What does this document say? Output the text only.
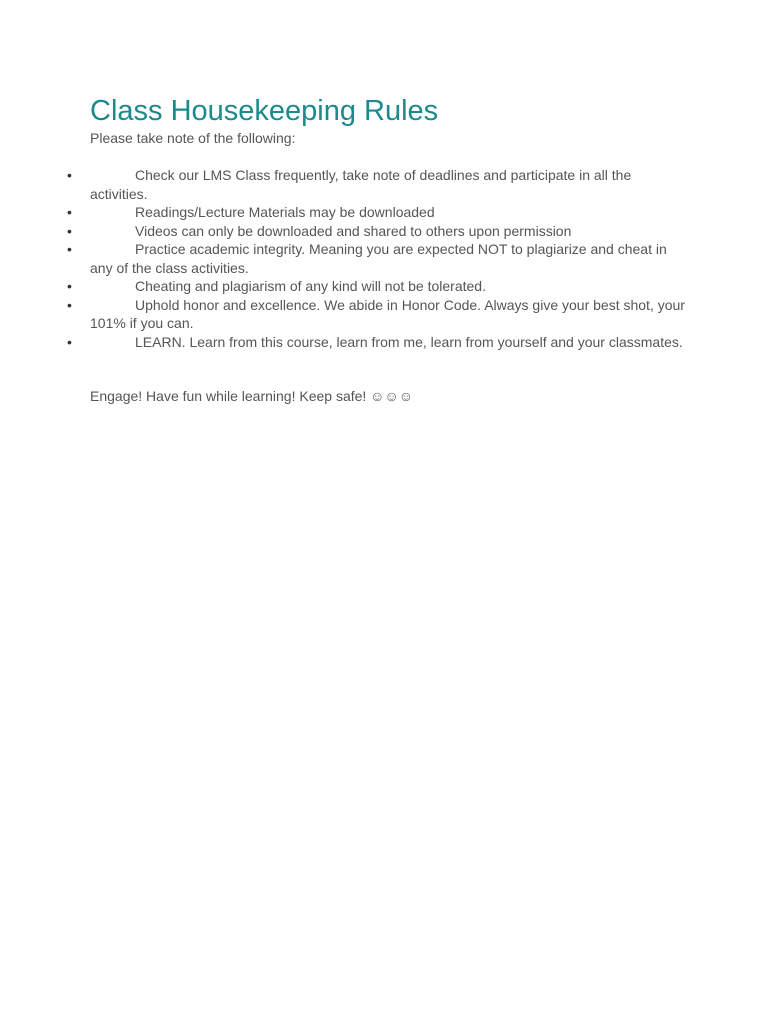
Class Housekeeping Rules

Please take note of the following:

•	Check our LMS Class frequently, take note of deadlines and participate in all the activities.
•	Readings/Lecture Materials may be downloaded
•	Videos can only be downloaded and shared to others upon permission
•	Practice academic integrity. Meaning you are expected NOT to plagiarize and cheat in any of the class activities.
•	Cheating and plagiarism of any kind will not be tolerated.
•	Uphold honor and excellence. We abide in Honor Code. Always give your best shot, your 101% if you can.
•	LEARN. Learn from this course, learn from me, learn from yourself and your classmates.

Engage! Have fun while learning! Keep safe! ☺☺☺
